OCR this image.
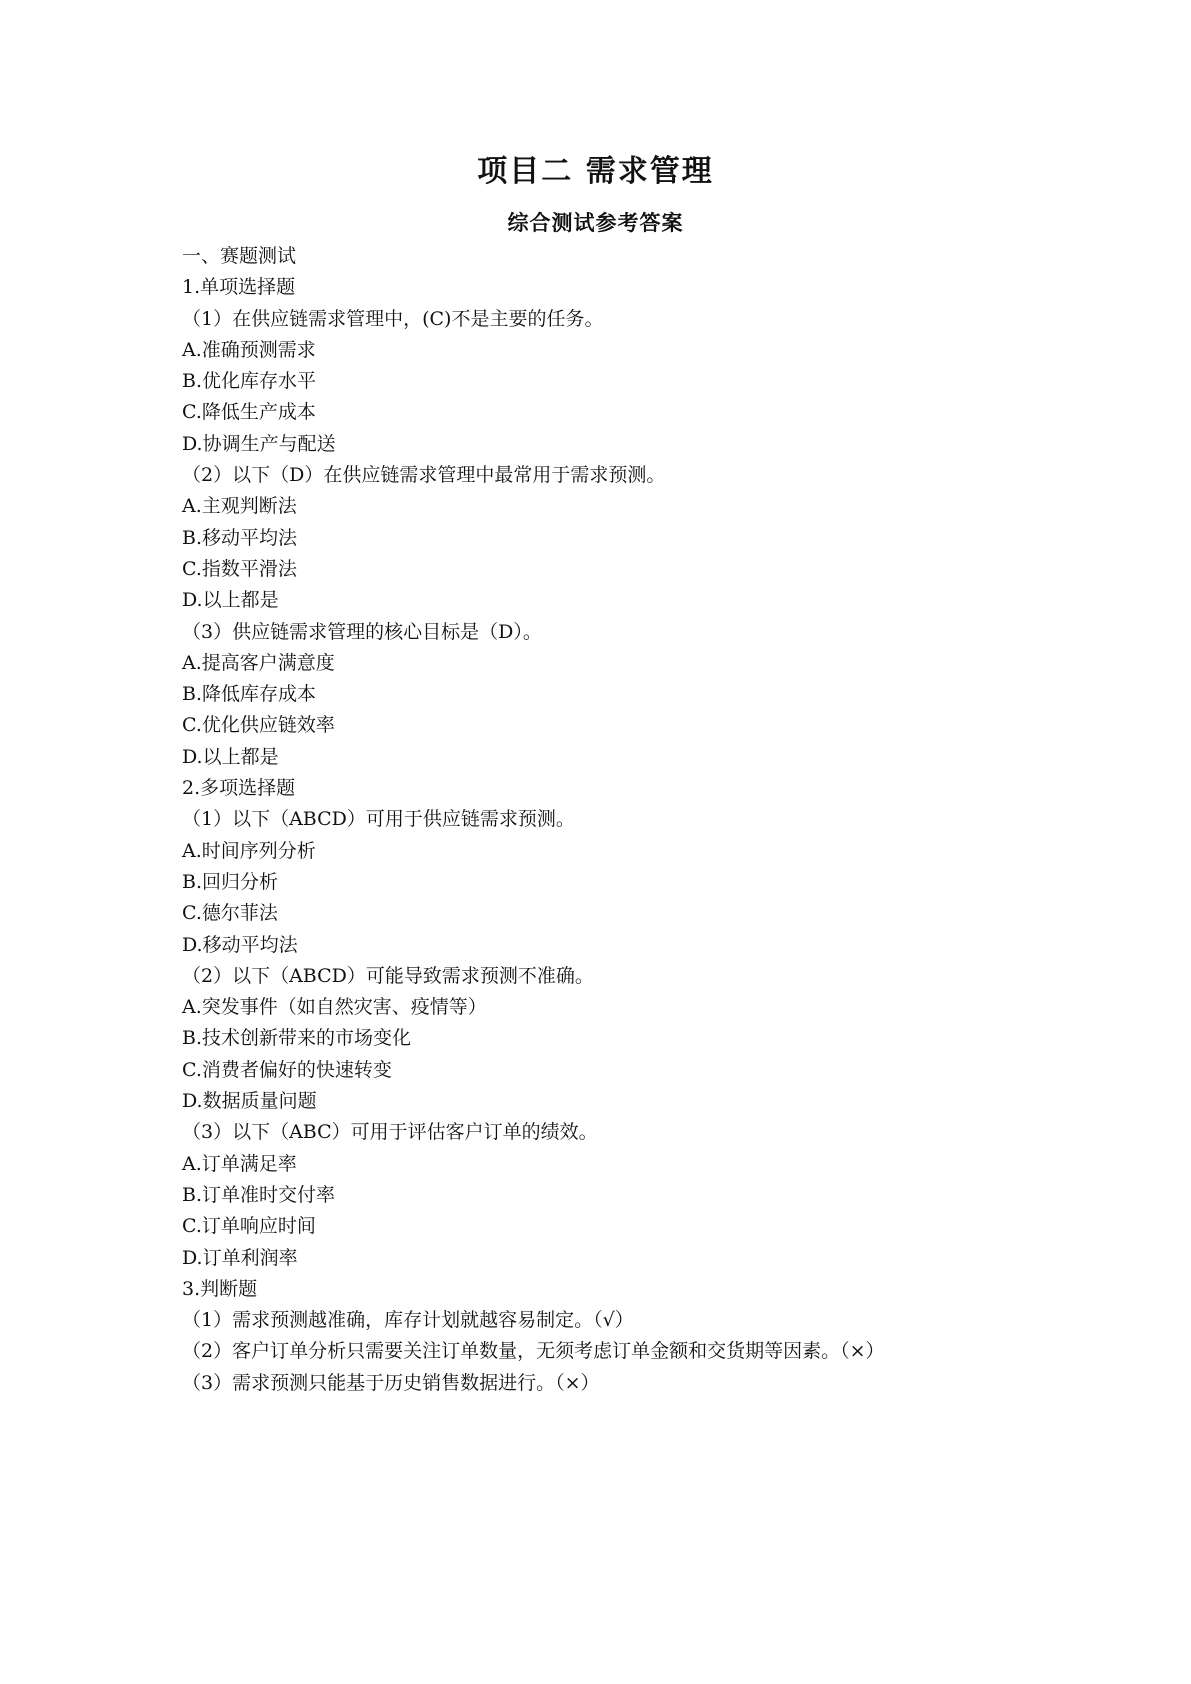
项目二 需求管理
综合测试参考答案
一、赛题测试
1.单项选择题
（1）在供应链需求管理中，(C)不是主要的任务。
A.准确预测需求
B.优化库存水平
C.降低生产成本
D.协调生产与配送
（2）以下（D）在供应链需求管理中最常用于需求预测。
A.主观判断法
B.移动平均法
C.指数平滑法
D.以上都是
（3）供应链需求管理的核心目标是（D）。
A.提高客户满意度
B.降低库存成本
C.优化供应链效率
D.以上都是
2.多项选择题
（1）以下（ABCD）可用于供应链需求预测。
A.时间序列分析
B.回归分析
C.德尔菲法
D.移动平均法
（2）以下（ABCD）可能导致需求预测不准确。
A.突发事件（如自然灾害、疫情等）
B.技术创新带来的市场变化
C.消费者偏好的快速转变
D.数据质量问题
（3）以下（ABC）可用于评估客户订单的绩效。
A.订单满足率
B.订单准时交付率
C.订单响应时间
D.订单利润率
3.判断题
（1）需求预测越准确，库存计划就越容易制定。（√）
（2）客户订单分析只需要关注订单数量，无须考虑订单金额和交货期等因素。（×）
（3）需求预测只能基于历史销售数据进行。（×）
